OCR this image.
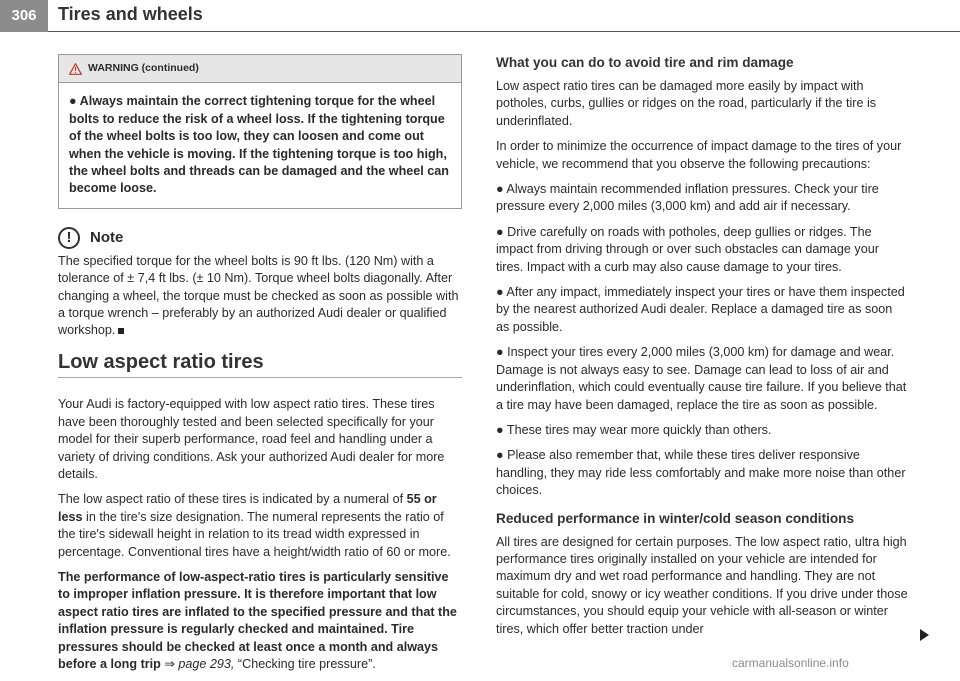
306	Tires and wheels
WARNING (continued)

● Always maintain the correct tightening torque for the wheel bolts to reduce the risk of a wheel loss. If the tightening torque of the wheel bolts is too low, they can loosen and come out when the vehicle is moving. If the tightening torque is too high, the wheel bolts and threads can be damaged and the wheel can become loose.

!	Note

The specified torque for the wheel bolts is 90 ft lbs. (120 Nm) with a tolerance of ± 7,4 ft lbs. (± 10 Nm). Torque wheel bolts diagonally. After changing a wheel, the torque must be checked as soon as possible with a torque wrench – preferably by an authorized Audi dealer or qualified workshop.

Low aspect ratio tires

Your Audi is factory-equipped with low aspect ratio tires. These tires have been thoroughly tested and been selected specifically for your model for their superb performance, road feel and handling under a variety of driving conditions. Ask your authorized Audi dealer for more details.

The low aspect ratio of these tires is indicated by a numeral of 55 or less in the tire's size designation. The numeral represents the ratio of the tire's sidewall height in relation to its tread width expressed in percentage. Conventional tires have a height/width ratio of 60 or more.

The performance of low-aspect-ratio tires is particularly sensitive to improper inflation pressure. It is therefore important that low aspect ratio tires are inflated to the specified pressure and that the inflation pressure is regularly checked and maintained. Tire pressures should be checked at least once a month and always before a long trip ⇒ page 293, “Checking tire pressure”.

What you can do to avoid tire and rim damage

Low aspect ratio tires can be damaged more easily by impact with potholes, curbs, gullies or ridges on the road, particularly if the tire is underinflated.

In order to minimize the occurrence of impact damage to the tires of your vehicle, we recommend that you observe the following precautions:

● Always maintain recommended inflation pressures. Check your tire pressure every 2,000 miles (3,000 km) and add air if necessary.

● Drive carefully on roads with potholes, deep gullies or ridges. The impact from driving through or over such obstacles can damage your tires. Impact with a curb may also cause damage to your tires.

● After any impact, immediately inspect your tires or have them inspected by the nearest authorized Audi dealer. Replace a damaged tire as soon as possible.

● Inspect your tires every 2,000 miles (3,000 km) for damage and wear. Damage is not always easy to see. Damage can lead to loss of air and underinflation, which could eventually cause tire failure. If you believe that a tire may have been damaged, replace the tire as soon as possible.

● These tires may wear more quickly than others.

● Please also remember that, while these tires deliver responsive handling, they may ride less comfortably and make more noise than other choices.

Reduced performance in winter/cold season conditions

All tires are designed for certain purposes. The low aspect ratio, ultra high performance tires originally installed on your vehicle are intended for maximum dry and wet road performance and handling. They are not suitable for cold, snowy or icy weather conditions. If you drive under those circumstances, you should equip your vehicle with all-season or winter tires, which offer better traction under

carmanualsonline.info
